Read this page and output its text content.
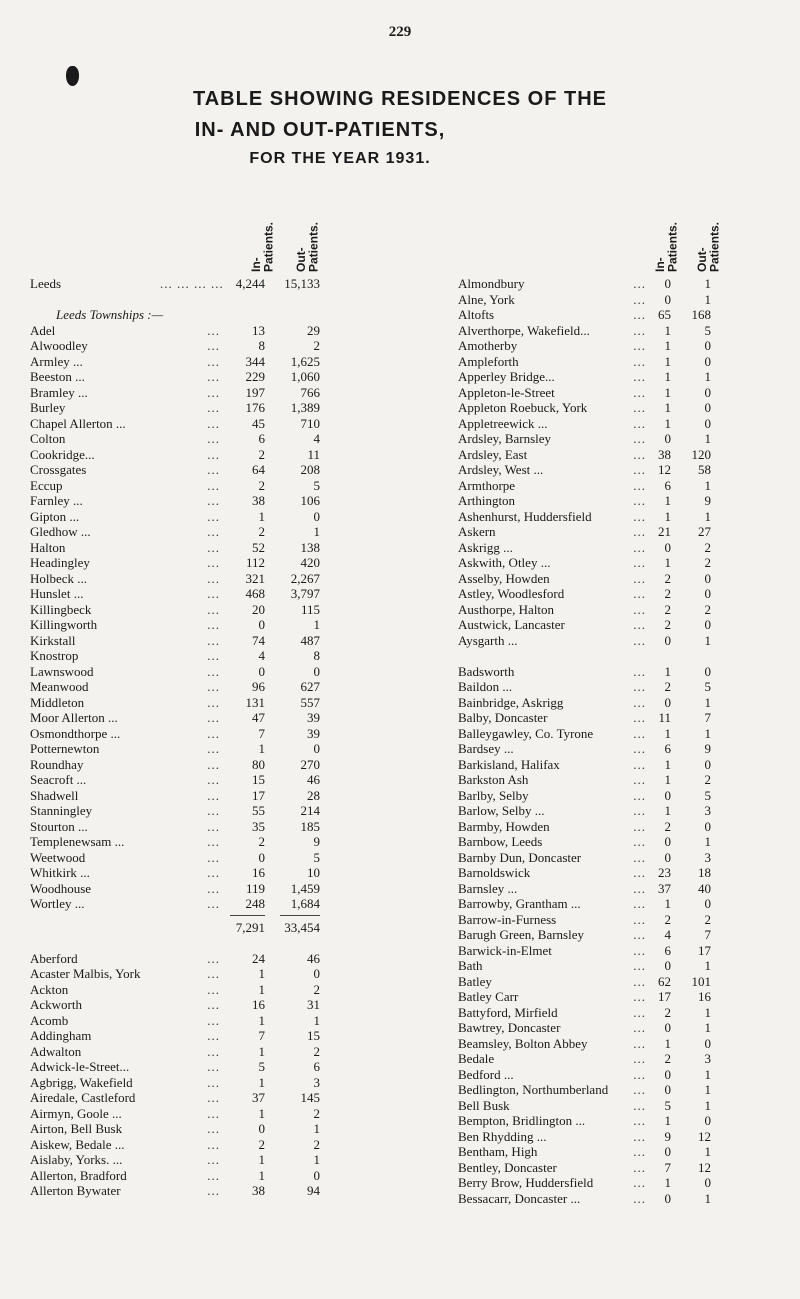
229
TABLE SHOWING RESIDENCES OF THE
IN- AND OUT-PATIENTS,
FOR THE YEAR 1931.
In-
Patients. Out-
Patients.
Leeds	... ... ... ... 4,244	15,133
Leeds Townships :—
Adel	...	13	29
Alwoodley	...	8	2
Armley ...	...	344	1,625
Beeston ...	...	229	1,060
Bramley ...	...	197	766
Burley	...	176	1,389
Chapel Allerton ...	...	45	710
Colton	...	6	4
Cookridge...	...	2	11
Crossgates	...	64	208
Eccup	...	2	5
Farnley ...	...	38	106
Gipton ...	...	1	0
Gledhow ...	...	2	1
Halton	...	52	138
Headingley	...	112	420
Holbeck ...	...	321	2,267
Hunslet ...	...	468	3,797
Killingbeck	...	20	115
Killingworth	...	0	1
Kirkstall	...	74	487
Knostrop	...	4	8
Lawnswood	...	0	0
Meanwood	...	96	627
Middleton	...	131	557
Moor Allerton ...	...	47	39
Osmondthorpe ...	...	7	39
Potternewton	...	1	0
Roundhay	...	80	270
Seacroft ...	...	15	46
Shadwell	...	17	28
Stanningley	...	55	214
Stourton ...	...	35	185
Templenewsam ...	...	2	9
Weetwood	...	0	5
Whitkirk ...	...	16	10
Woodhouse	...	119	1,459
Wortley ...	...	248	1,684
7,291	33,454
Aberford	...	24	46
Acaster Malbis, York	...	1	0
Ackton	...	1	2
Ackworth	...	16	31
Acomb	...	1	1
Addingham	...	7	15
Adwalton	...	1	2
Adwick-le-Street...	...	5	6
Agbrigg, Wakefield	...	1	3
Airedale, Castleford	...	37	145
Airmyn, Goole ...	...	1	2
Airton, Bell Busk	...	0	1
Aiskew, Bedale ...	...	2	2
Aislaby, Yorks. ...	...	1	1
Allerton, Bradford	...	1	0
Allerton Bywater	...	38	94
In-
Patients. Out-
Patients.
Almondbury	...	0	1
Alne, York	...	0	1
Altofts	... 65	168
Alverthorpe, Wakefield...	...	1	5
Amotherby	...	1	0
Ampleforth	...	1	0
Apperley Bridge...	...	1	1
Appleton-le-Street	...	1	0
Appleton Roebuck, York	...	1	0
Appletreewick ...	...	1	0
Ardsley, Barnsley	...	0	1
Ardsley, East	... 38	120
Ardsley, West ...	... 12	58
Armthorpe	...	6	1
Arthington	...	1	9
Ashenhurst, Huddersfield	...	1	1
Askern	... 21	27
Askrigg ...	...	0	2
Askwith, Otley ...	...	1	2
Asselby, Howden	...	2	0
Astley, Woodlesford	...	2	0
Austhorpe, Halton	...	2	2
Austwick, Lancaster	...	2	0
Aysgarth ...	...	0	1
Badsworth	...	1	0
Baildon ...	...	2	5
Bainbridge, Askrigg	...	0	1
Balby, Doncaster	... 11	7
Balleygawley, Co. Tyrone	...	1	1
Bardsey ...	...	6	9
Barkisland, Halifax	...	1	0
Barkston Ash	...	1	2
Barlby, Selby	...	0	5
Barlow, Selby ...	...	1	3
Barmby, Howden	...	2	0
Barnbow, Leeds	...	0	1
Barnby Dun, Doncaster	...	0	3
Barnoldswick	... 23	18
Barnsley ...	... 37	40
Barrowby, Grantham ...	...	1	0
Barrow-in-Furness	...	2	2
Barugh Green, Barnsley	...	4	7
Barwick-in-Elmet	...	6	17
Bath	...	0	1
Batley	... 62	101
Batley Carr	... 17	16
Battyford, Mirfield	...	2	1
Bawtrey, Doncaster	...	0	1
Beamsley, Bolton Abbey	...	1	0
Bedale	...	2	3
Bedford ...	...	0	1
Bedlington, Northumberland	...	0	1
Bell Busk	...	5	1
Bempton, Bridlington ...	...	1	0
Ben Rhydding ...	...	9	12
Bentham, High	...	0	1
Bentley, Doncaster	...	7	12
Berry Brow, Huddersfield	...	1	0
Bessacarr, Doncaster ...	...	0	1
